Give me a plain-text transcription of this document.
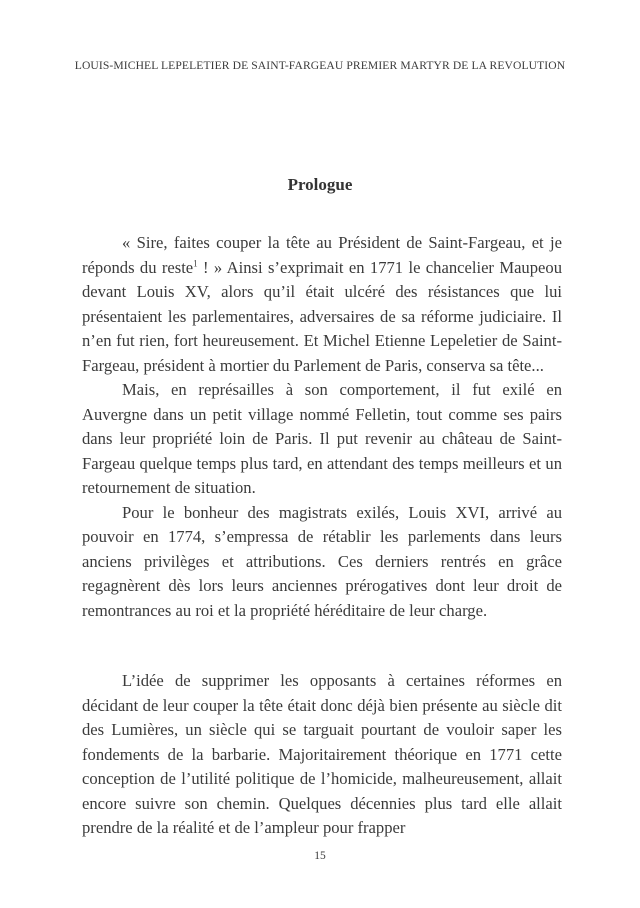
LOUIS-MICHEL LEPELETIER DE SAINT-FARGEAU PREMIER MARTYR DE LA REVOLUTION
Prologue

« Sire, faites couper la tête au Président de Saint-Fargeau, et je réponds du reste$^1$ ! » Ainsi s’exprimait en 1771 le chancelier Maupeou devant Louis XV, alors qu’il était ulcéré des résistances que lui présentaient les parlementaires, adversaires de sa réforme judiciaire. Il n’en fut rien, fort heureusement. Et Michel Etienne Lepeletier de Saint-Fargeau, président à mortier du Parlement de Paris, conserva sa tête...

Mais, en représailles à son comportement, il fut exilé en Auvergne dans un petit village nommé Felletin, tout comme ses pairs dans leur propriété loin de Paris. Il put revenir au château de Saint-Fargeau quelque temps plus tard, en attendant des temps meilleurs et un retournement de situation.

Pour le bonheur des magistrats exilés, Louis XVI, arrivé au pouvoir en 1774, s’empressa de rétablir les parlements dans leurs anciens privilèges et attributions. Ces derniers rentrés en grâce regagnèrent dès lors leurs anciennes prérogatives dont leur droit de remontrances au roi et la propriété héréditaire de leur charge.

L’idée de supprimer les opposants à certaines réformes en décidant de leur couper la tête était donc déjà bien présente au siècle dit des Lumières, un siècle qui se targuait pourtant de vouloir saper les fondements de la barbarie. Majoritairement théorique en 1771 cette conception de l’utilité politique de l’homicide, malheureusement, allait encore suivre son chemin. Quelques décennies plus tard elle allait prendre de la réalité et de l’ampleur pour frapper

15
